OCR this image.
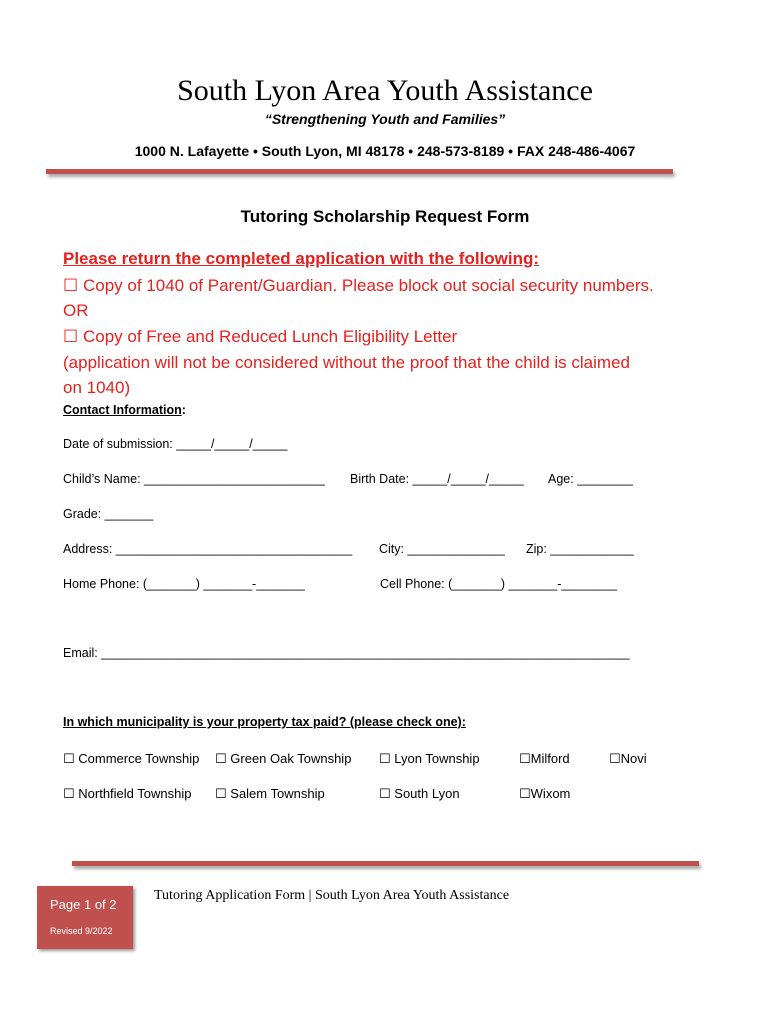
South Lyon Area Youth Assistance
“Strengthening Youth and Families”
1000 N. Lafayette • South Lyon, MI 48178 • 248-573-8189 • FAX 248-486-4067
Tutoring Scholarship Request Form
Please return the completed application with the following:
☐ Copy of 1040 of Parent/Guardian. Please block out social security numbers.
OR
☐ Copy of Free and Reduced Lunch Eligibility Letter
(application will not be considered without the proof that the child is claimed
on 1040)
Contact Information:
Date of submission: _____/_____/_____
Child’s Name: __________________________ Birth Date: _____/_____/_____ Age: ________
Grade: _______
Address: __________________________________ City: ______________ Zip: ____________
Home Phone: (_______) _______-_______	Cell Phone: (_______) _______-________
Email: ____________________________________________________________________________
In which municipality is your property tax paid? (please check one):
☐ Commerce Township ☐ Green Oak Township ☐ Lyon Township	☐Milford	☐Novi
☐ Northfield Township ☐ Salem Township	☐ South Lyon	☐Wixom
Page 1 of 2
Revised 9/2022
Tutoring Application Form | South Lyon Area Youth Assistance
